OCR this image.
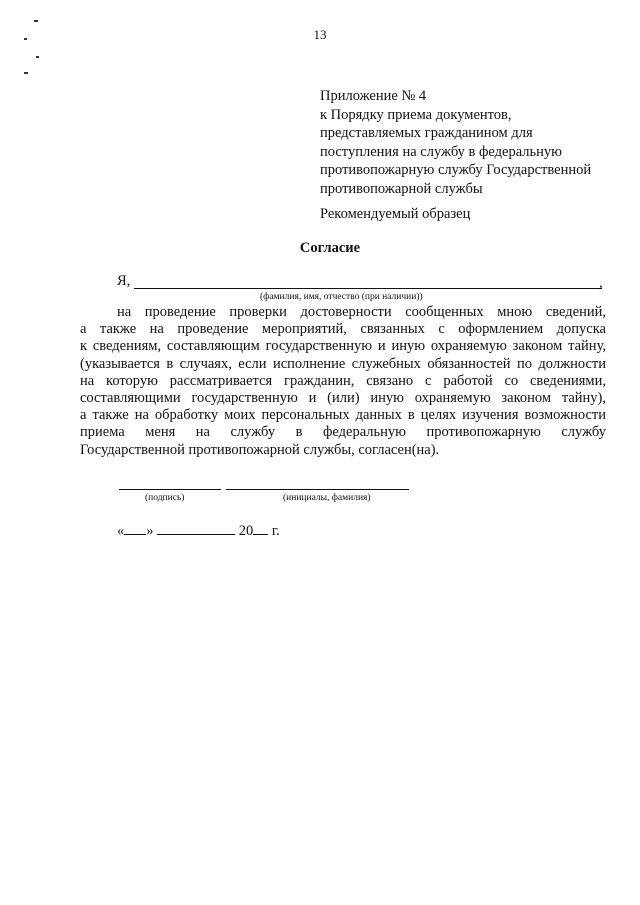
13
Приложение № 4
к Порядку приема документов,
представляемых гражданином для
поступления на службу в федеральную
противопожарную службу Государственной
противопожарной службы
Рекомендуемый образец
Согласие
Я,	,
(фамилия, имя, отчество (при наличии))
на проведение проверки достоверности сообщенных мною сведений,
а также на проведение мероприятий, связанных с оформлением допуска
к сведениям, составляющим государственную и иную охраняемую законом тайну,
(указывается в случаях, если исполнение служебных обязанностей по должности
на которую рассматривается гражданин, связано с работой со сведениями,
составляющими государственную и (или) иную охраняемую законом тайну),
а также на обработку моих персональных данных в целях изучения возможности
приема меня на службу в федеральную противопожарную службу
Государственной противопожарной службы, согласен(на).
(подпись)	(инициалы, фамилия)
« »	20 г.
